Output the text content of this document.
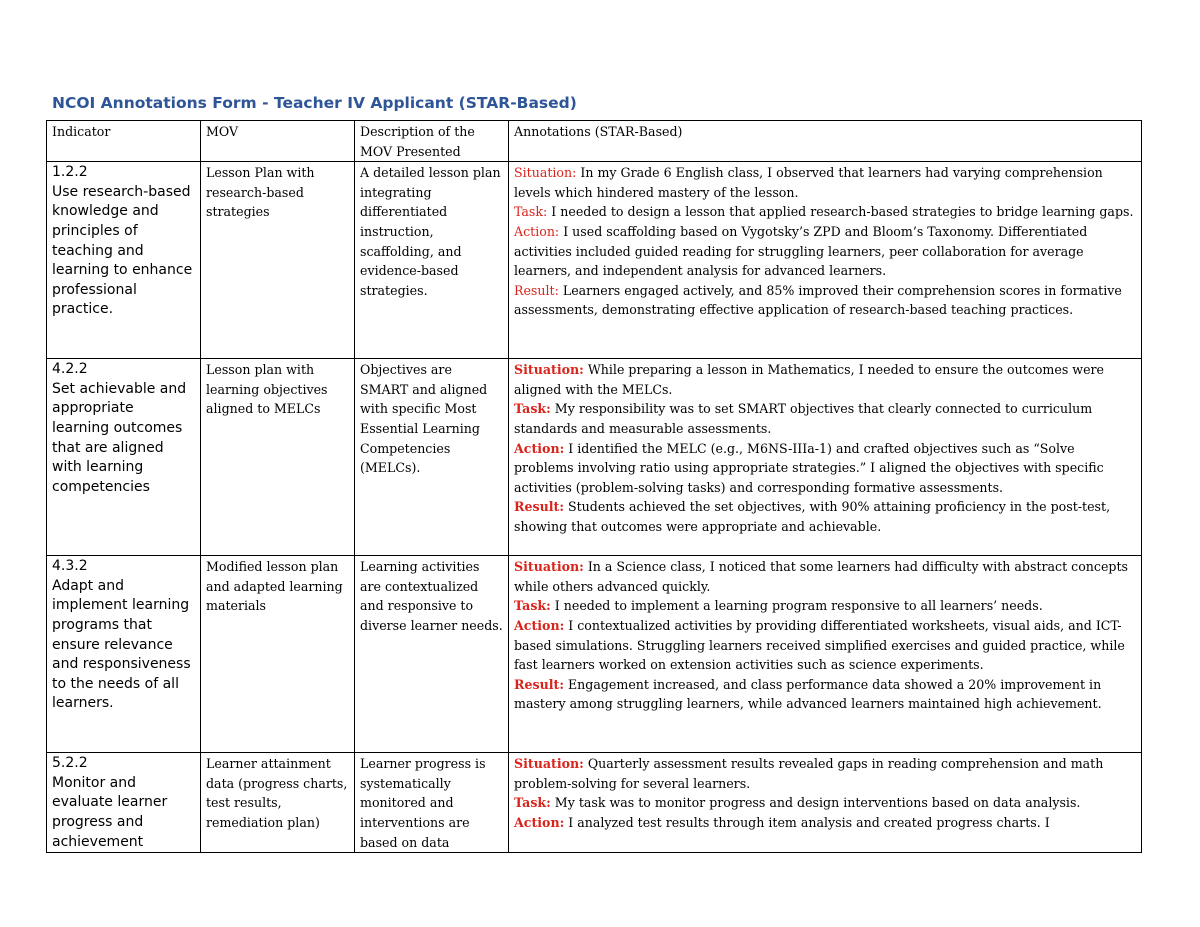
NCOI Annotations Form - Teacher IV Applicant (STAR-Based)
Indicator	MOV	Description of the MOV Presented	Annotations (STAR-Based)

1.2.2
Use research-based knowledge and principles of teaching and learning to enhance professional practice.	Lesson Plan with research-based strategies	A detailed lesson plan integrating differentiated instruction, scaffolding, and evidence-based strategies.	Situation: In my Grade 6 English class, I observed that learners had varying comprehension levels which hindered mastery of the lesson.
Task: I needed to design a lesson that applied research-based strategies to bridge learning gaps.
Action: I used scaffolding based on Vygotsky’s ZPD and Bloom’s Taxonomy. Differentiated activities included guided reading for struggling learners, peer collaboration for average learners, and independent analysis for advanced learners.
Result: Learners engaged actively, and 85% improved their comprehension scores in formative assessments, demonstrating effective application of research-based teaching practices.

4.2.2
Set achievable and appropriate learning outcomes that are aligned with learning competencies	Lesson plan with learning objectives aligned to MELCs	Objectives are SMART and aligned with specific Most Essential Learning Competencies (MELCs).	Situation: While preparing a lesson in Mathematics, I needed to ensure the outcomes were aligned with the MELCs.
Task: My responsibility was to set SMART objectives that clearly connected to curriculum standards and measurable assessments.
Action: I identified the MELC (e.g., M6NS-IIIa-1) and crafted objectives such as “Solve problems involving ratio using appropriate strategies.” I aligned the objectives with specific activities (problem-solving tasks) and corresponding formative assessments.
Result: Students achieved the set objectives, with 90% attaining proficiency in the post-test, showing that outcomes were appropriate and achievable.

4.3.2
Adapt and implement learning programs that ensure relevance and responsiveness to the needs of all learners.	Modified lesson plan and adapted learning materials	Learning activities are contextualized and responsive to diverse learner needs.	Situation: In a Science class, I noticed that some learners had difficulty with abstract concepts while others advanced quickly.
Task: I needed to implement a learning program responsive to all learners’ needs.
Action: I contextualized activities by providing differentiated worksheets, visual aids, and ICT-based simulations. Struggling learners received simplified exercises and guided practice, while fast learners worked on extension activities such as science experiments.
Result: Engagement increased, and class performance data showed a 20% improvement in mastery among struggling learners, while advanced learners maintained high achievement.

5.2.2
Monitor and evaluate learner progress and achievement	Learner attainment data (progress charts, test results, remediation plan)	Learner progress is systematically monitored and interventions are based on data	Situation: Quarterly assessment results revealed gaps in reading comprehension and math problem-solving for several learners.
Task: My task was to monitor progress and design interventions based on data analysis.
Action: I analyzed test results through item analysis and created progress charts. I
